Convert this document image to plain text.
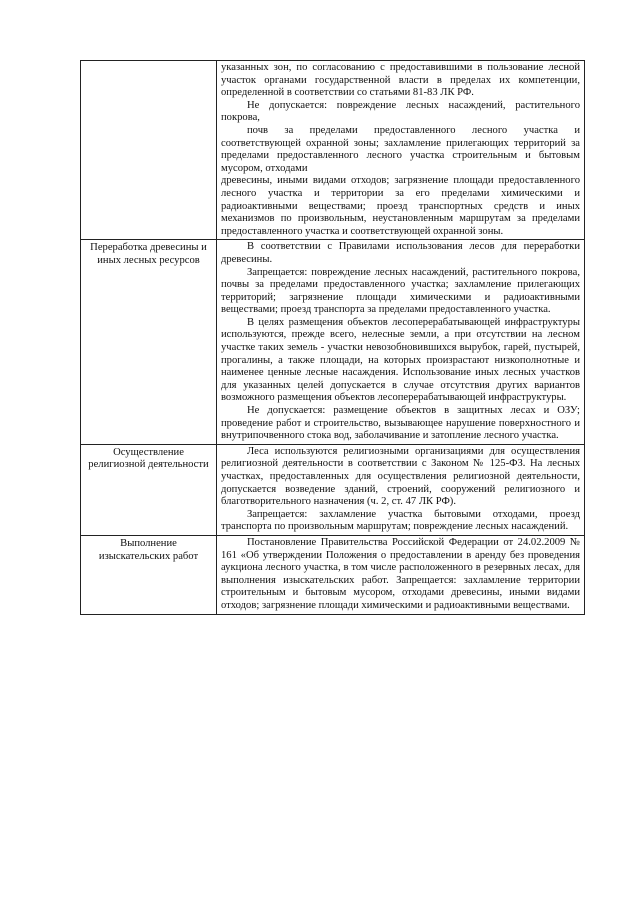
	указанных зон, по согласованию с предоставившими в пользование лесной участок органами государственной власти в пределах их компетенции, определенной в соответствии со статьями 81-83 ЛК РФ.

Не допускается: повреждение лесных насаждений, растительного покрова,

почв за пределами предоставленного лесного участка и соответствующей охранной зоны; захламление прилегающих территорий за пределами предоставленного лесного участка строительным и бытовым мусором, отходами

древесины, иными видами отходов; загрязнение площади предоставленного лесного участка и территории за его пределами химическими и радиоактивными веществами; проезд транспортных средств и иных механизмов по произвольным, неустановленным маршрутам за пределами предоставленного участка и соответствующей охранной зоны.

Переработка древесины и иных лесных ресурсов	В соответствии с Правилами использования лесов для переработки древесины.

Запрещается: повреждение лесных насаждений, растительного покрова, почвы за пределами предоставленного участка; захламление прилегающих территорий; загрязнение площади химическими и радиоактивными веществами; проезд транспорта за пределами предоставленного участка.

В целях размещения объектов лесоперерабатывающей инфраструктуры используются, прежде всего, нелесные земли, а при отсутствии на лесном участке таких земель - участки невозобновившихся вырубок, гарей, пустырей, прогалины, а также площади, на которых произрастают низкополнотные и наименее ценные лесные насаждения. Использование иных лесных участков для указанных целей допускается в случае отсутствия других вариантов возможного размещения объектов лесоперерабатывающей инфраструктуры.

Не допускается: размещение объектов в защитных лесах и ОЗУ; проведение работ и строительство, вызывающее нарушение поверхностного и внутрипочвенного стока вод, заболачивание и затопление лесного участка.

Осуществление религиозной деятельности	Леса используются религиозными организациями для осуществления религиозной деятельности в соответствии с Законом № 125-ФЗ. На лесных участках, предоставленных для осуществления религиозной деятельности, допускается возведение зданий, строений, сооружений религиозного и благотворительного назначения (ч. 2, ст. 47 ЛК РФ).

Запрещается: захламление участка бытовыми отходами, проезд транспорта по произвольным маршрутам; повреждение лесных насаждений.

Выполнение изыскательских работ	Постановление Правительства Российской Федерации от 24.02.2009 № 161 «Об утверждении Положения о предоставлении в аренду без проведения аукциона лесного участка, в том числе расположенного в резервных лесах, для выполнения изыскательских работ. Запрещается: захламление территории строительным и бытовым мусором, отходами древесины, иными видами отходов; загрязнение площади химическими и радиоактивными веществами.
